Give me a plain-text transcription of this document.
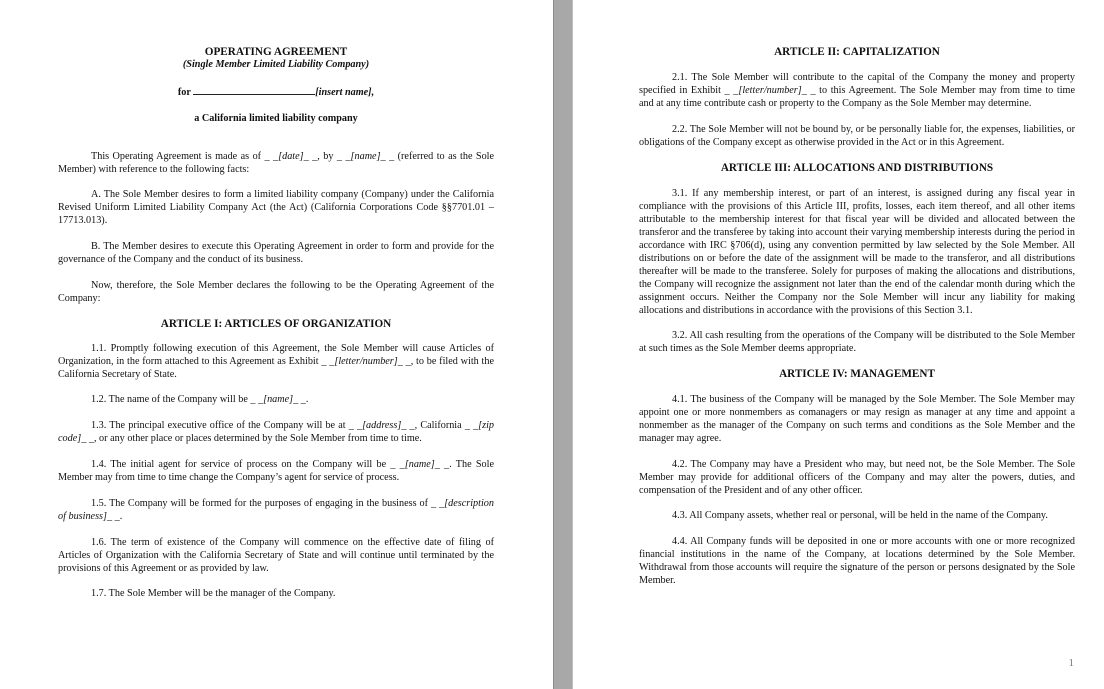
OPERATING AGREEMENT

(Single Member Limited Liability Company)

for	[insert name],

a California limited liability company

This Operating Agreement is made as of _ _[date]_ _, by _ _[name]_ _ (referred to as the Sole Member) with reference to the following facts:

A. The Sole Member desires to form a limited liability company (Company) under the California Revised Uniform Limited Liability Company Act (the Act) (California Corporations Code §§7701.01 – 17713.013).

B. The Member desires to execute this Operating Agreement in order to form and provide for the governance of the Company and the conduct of its business.

Now, therefore, the Sole Member declares the following to be the Operating Agreement of the Company:

ARTICLE I: ARTICLES OF ORGANIZATION

1.1. Promptly following execution of this Agreement, the Sole Member will cause Articles of Organization, in the form attached to this Agreement as Exhibit _ _[letter/number]_ _, to be filed with the California Secretary of State.

1.2. The name of the Company will be _ _[name]_ _.

1.3. The principal executive office of the Company will be at _ _[address]_ _, California _ _[zip code]_ _, or any other place or places determined by the Sole Member from time to time.

1.4. The initial agent for service of process on the Company will be _ _[name]_ _. The Sole Member may from time to time change the Company’s agent for service of process.

1.5. The Company will be formed for the purposes of engaging in the business of _ _[description of business]_ _.

1.6. The term of existence of the Company will commence on the effective date of filing of Articles of Organization with the California Secretary of State and will continue until terminated by the provisions of this Agreement or as provided by law.

1.7. The Sole Member will be the manager of the Company.

ARTICLE II: CAPITALIZATION

2.1. The Sole Member will contribute to the capital of the Company the money and property specified in Exhibit _ _[letter/number]_ _ to this Agreement. The Sole Member may from time to time and at any time contribute cash or property to the Company as the Sole Member may determine.

2.2. The Sole Member will not be bound by, or be personally liable for, the expenses, liabilities, or obligations of the Company except as otherwise provided in the Act or in this Agreement.

ARTICLE III: ALLOCATIONS AND DISTRIBUTIONS

3.1. If any membership interest, or part of an interest, is assigned during any fiscal year in compliance with the provisions of this Article III, profits, losses, each item thereof, and all other items attributable to the membership interest for that fiscal year will be divided and allocated between the transferor and the transferee by taking into account their varying membership interests during the period in accordance with IRC §706(d), using any convention permitted by law selected by the Sole Member. All distributions on or before the date of the assignment will be made to the transferor, and all distributions thereafter will be made to the transferee. Solely for purposes of making the allocations and distributions, the Company will recognize the assignment not later than the end of the calendar month during which the assignment occurs. Neither the Company nor the Sole Member will incur any liability for making allocations and distributions in accordance with the provisions of this Section 3.1.

3.2. All cash resulting from the operations of the Company will be distributed to the Sole Member at such times as the Sole Member deems appropriate.

ARTICLE IV: MANAGEMENT

4.1. The business of the Company will be managed by the Sole Member. The Sole Member may appoint one or more nonmembers as comanagers or may resign as manager at any time and appoint a nonmember as the manager of the Company on such terms and conditions as the Sole Member and the manager may agree.

4.2. The Company may have a President who may, but need not, be the Sole Member. The Sole Member may provide for additional officers of the Company and may alter the powers, duties, and compensation of the President and of any other officer.

4.3. All Company assets, whether real or personal, will be held in the name of the Company.

4.4. All Company funds will be deposited in one or more accounts with one or more recognized financial institutions in the name of the Company, at locations determined by the Sole Member. Withdrawal from those accounts will require the signature of the person or persons designated by the Sole Member.

1
